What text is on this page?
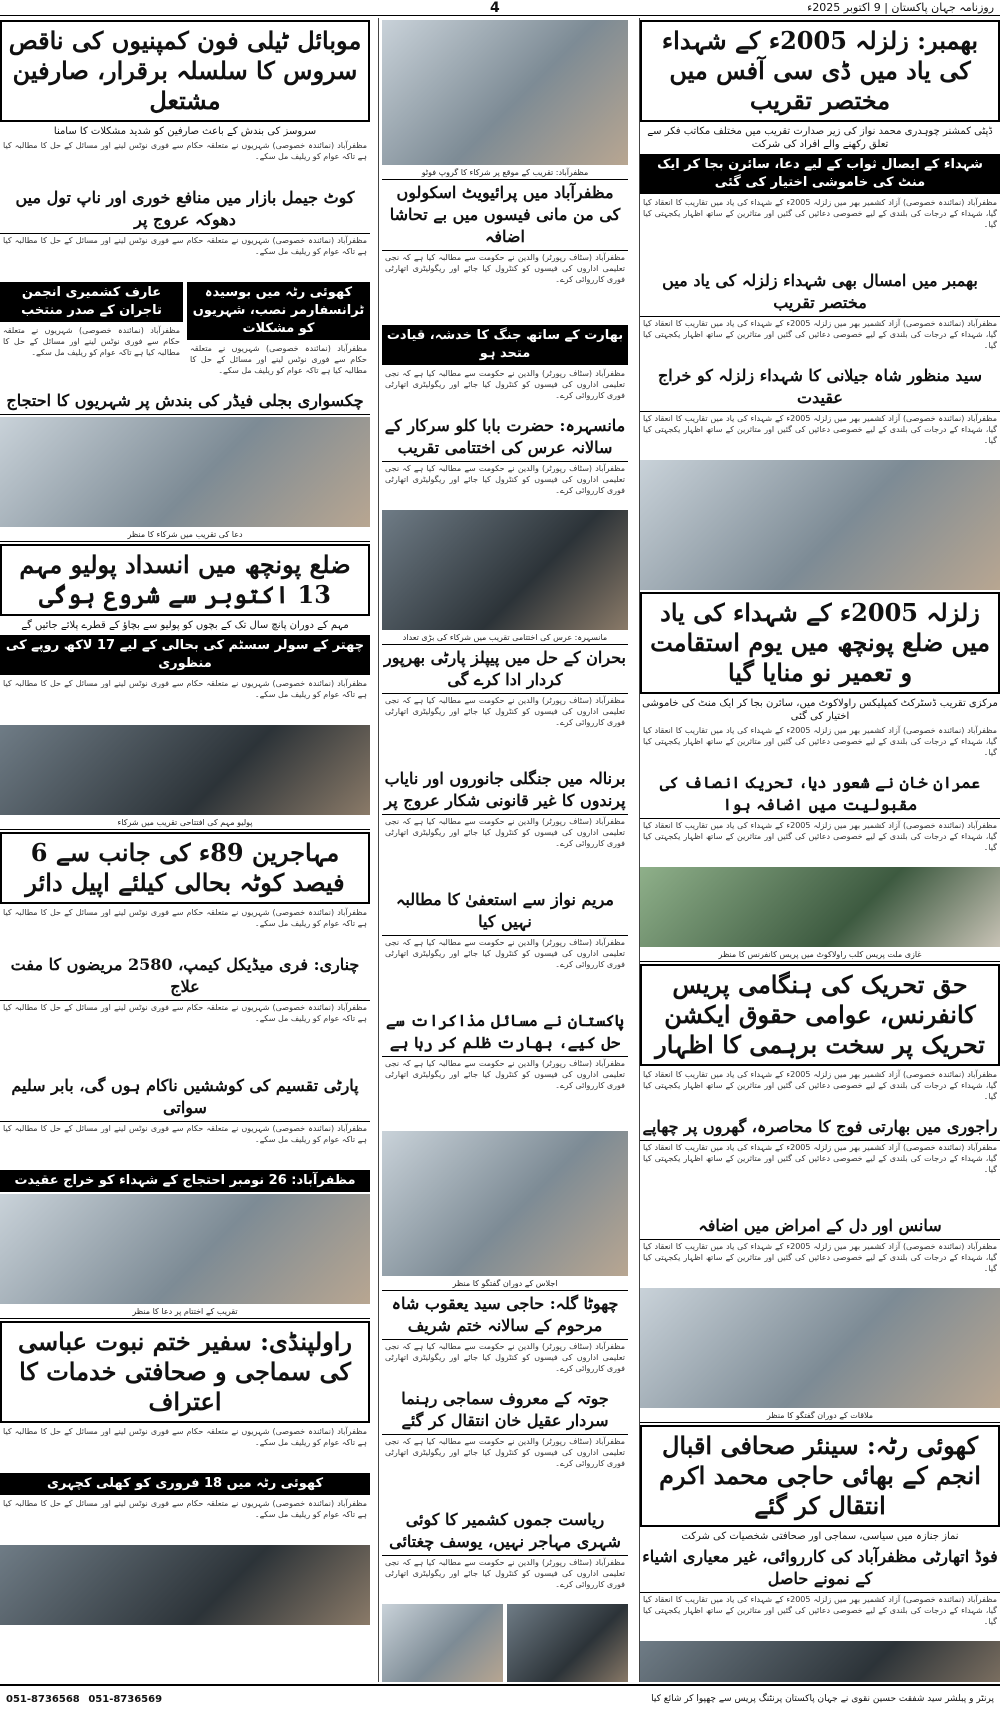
روزنامہ جہان پاکستان | 9 اکتوبر 2025ء
4
بھمبر: زلزلہ 2005ء کے شہداء کی یاد میں ڈی سی آفس میں مختصر تقریب
ڈپٹی کمشنر چوہدری محمد نواز کی زیر صدارت تقریب میں مختلف مکاتب فکر سے تعلق رکھنے والے افراد کی شرکت
شہداء کے ایصال ثواب کے لیے دعا، سائرن بجا کر ایک منٹ کی خاموشی اختیار کی گئی
مظفرآباد (نمائندہ خصوصی) آزاد کشمیر بھر میں زلزلہ 2005ء کے شہداء کی یاد میں تقاریب کا انعقاد کیا گیا، شہداء کے درجات کی بلندی کے لیے خصوصی دعائیں کی گئیں اور متاثرین کے ساتھ اظہار یکجہتی کیا گیا۔
بھمبر میں امسال بھی شہداء زلزلہ کی یاد میں مختصر تقریب
مظفرآباد (نمائندہ خصوصی) آزاد کشمیر بھر میں زلزلہ 2005ء کے شہداء کی یاد میں تقاریب کا انعقاد کیا گیا، شہداء کے درجات کی بلندی کے لیے خصوصی دعائیں کی گئیں اور متاثرین کے ساتھ اظہار یکجہتی کیا گیا۔
سید منظور شاہ جیلانی کا شہداء زلزلہ کو خراج عقیدت
مظفرآباد (نمائندہ خصوصی) آزاد کشمیر بھر میں زلزلہ 2005ء کے شہداء کی یاد میں تقاریب کا انعقاد کیا گیا، شہداء کے درجات کی بلندی کے لیے خصوصی دعائیں کی گئیں اور متاثرین کے ساتھ اظہار یکجہتی کیا گیا۔
زلزلہ 2005ء کے شہداء کی یاد میں ضلع پونچھ میں یوم استقامت و تعمیر نو منایا گیا
مرکزی تقریب ڈسٹرکٹ کمپلیکس راولاکوٹ میں، سائرن بجا کر ایک منٹ کی خاموشی اختیار کی گئی
مظفرآباد (نمائندہ خصوصی) آزاد کشمیر بھر میں زلزلہ 2005ء کے شہداء کی یاد میں تقاریب کا انعقاد کیا گیا، شہداء کے درجات کی بلندی کے لیے خصوصی دعائیں کی گئیں اور متاثرین کے ساتھ اظہار یکجہتی کیا گیا۔
عمران خان نے شعور دیا، تحریک انصاف کی مقبولیت میں اضافہ ہوا
مظفرآباد (نمائندہ خصوصی) آزاد کشمیر بھر میں زلزلہ 2005ء کے شہداء کی یاد میں تقاریب کا انعقاد کیا گیا، شہداء کے درجات کی بلندی کے لیے خصوصی دعائیں کی گئیں اور متاثرین کے ساتھ اظہار یکجہتی کیا گیا۔
غازی ملت پریس کلب راولاکوٹ میں پریس کانفرنس کا منظر
حق تحریک کی ہنگامی پریس کانفرنس، عوامی حقوق ایکشن تحریک پر سخت برہمی کا اظہار
مظفرآباد (نمائندہ خصوصی) آزاد کشمیر بھر میں زلزلہ 2005ء کے شہداء کی یاد میں تقاریب کا انعقاد کیا گیا، شہداء کے درجات کی بلندی کے لیے خصوصی دعائیں کی گئیں اور متاثرین کے ساتھ اظہار یکجہتی کیا گیا۔
راجوری میں بھارتی فوج کا محاصرہ، گھروں پر چھاپے
مظفرآباد (نمائندہ خصوصی) آزاد کشمیر بھر میں زلزلہ 2005ء کے شہداء کی یاد میں تقاریب کا انعقاد کیا گیا، شہداء کے درجات کی بلندی کے لیے خصوصی دعائیں کی گئیں اور متاثرین کے ساتھ اظہار یکجہتی کیا گیا۔
سانس اور دل کے امراض میں اضافہ
مظفرآباد (نمائندہ خصوصی) آزاد کشمیر بھر میں زلزلہ 2005ء کے شہداء کی یاد میں تقاریب کا انعقاد کیا گیا، شہداء کے درجات کی بلندی کے لیے خصوصی دعائیں کی گئیں اور متاثرین کے ساتھ اظہار یکجہتی کیا گیا۔
ملاقات کے دوران گفتگو کا منظر
کھوئی رٹہ: سینئر صحافی اقبال انجم کے بھائی حاجی محمد اکرم انتقال کر گئے
نماز جنازہ میں سیاسی، سماجی اور صحافتی شخصیات کی شرکت
فوڈ اتھارٹی مظفرآباد کی کارروائی، غیر معیاری اشیاء کے نمونے حاصل
مظفرآباد (نمائندہ خصوصی) آزاد کشمیر بھر میں زلزلہ 2005ء کے شہداء کی یاد میں تقاریب کا انعقاد کیا گیا، شہداء کے درجات کی بلندی کے لیے خصوصی دعائیں کی گئیں اور متاثرین کے ساتھ اظہار یکجہتی کیا گیا۔
مظفرآباد: تقریب کے موقع پر شرکاء کا گروپ فوٹو
مظفرآباد میں پرائیویٹ اسکولوں کی من مانی فیسوں میں بے تحاشا اضافہ
مظفرآباد (سٹاف رپورٹر) والدین نے حکومت سے مطالبہ کیا ہے کہ نجی تعلیمی اداروں کی فیسوں کو کنٹرول کیا جائے اور ریگولیٹری اتھارٹی فوری کارروائی کرے۔
بھارت کے ساتھ جنگ کا خدشہ، قیادت متحد ہو
مظفرآباد (سٹاف رپورٹر) والدین نے حکومت سے مطالبہ کیا ہے کہ نجی تعلیمی اداروں کی فیسوں کو کنٹرول کیا جائے اور ریگولیٹری اتھارٹی فوری کارروائی کرے۔
مانسہرہ: حضرت بابا کلو سرکار کے سالانہ عرس کی اختتامی تقریب
مظفرآباد (سٹاف رپورٹر) والدین نے حکومت سے مطالبہ کیا ہے کہ نجی تعلیمی اداروں کی فیسوں کو کنٹرول کیا جائے اور ریگولیٹری اتھارٹی فوری کارروائی کرے۔
مانسہرہ: عرس کی اختتامی تقریب میں شرکاء کی بڑی تعداد
بحران کے حل میں پیپلز پارٹی بھرپور کردار ادا کرے گی
مظفرآباد (سٹاف رپورٹر) والدین نے حکومت سے مطالبہ کیا ہے کہ نجی تعلیمی اداروں کی فیسوں کو کنٹرول کیا جائے اور ریگولیٹری اتھارٹی فوری کارروائی کرے۔
برنالہ میں جنگلی جانوروں اور نایاب پرندوں کا غیر قانونی شکار عروج پر
مظفرآباد (سٹاف رپورٹر) والدین نے حکومت سے مطالبہ کیا ہے کہ نجی تعلیمی اداروں کی فیسوں کو کنٹرول کیا جائے اور ریگولیٹری اتھارٹی فوری کارروائی کرے۔
مریم نواز سے استعفیٰ کا مطالبہ نہیں کیا
مظفرآباد (سٹاف رپورٹر) والدین نے حکومت سے مطالبہ کیا ہے کہ نجی تعلیمی اداروں کی فیسوں کو کنٹرول کیا جائے اور ریگولیٹری اتھارٹی فوری کارروائی کرے۔
پاکستان نے مسائل مذاکرات سے حل کیے، بھارت ظلم کر رہا ہے
مظفرآباد (سٹاف رپورٹر) والدین نے حکومت سے مطالبہ کیا ہے کہ نجی تعلیمی اداروں کی فیسوں کو کنٹرول کیا جائے اور ریگولیٹری اتھارٹی فوری کارروائی کرے۔
اجلاس کے دوران گفتگو کا منظر
چھوٹا گلہ: حاجی سید یعقوب شاہ مرحوم کے سالانہ ختم شریف
مظفرآباد (سٹاف رپورٹر) والدین نے حکومت سے مطالبہ کیا ہے کہ نجی تعلیمی اداروں کی فیسوں کو کنٹرول کیا جائے اور ریگولیٹری اتھارٹی فوری کارروائی کرے۔
جوتہ کے معروف سماجی رہنما سردار عقیل خان انتقال کر گئے
مظفرآباد (سٹاف رپورٹر) والدین نے حکومت سے مطالبہ کیا ہے کہ نجی تعلیمی اداروں کی فیسوں کو کنٹرول کیا جائے اور ریگولیٹری اتھارٹی فوری کارروائی کرے۔
ریاست جموں کشمیر کا کوئی شہری مہاجر نہیں، یوسف چغتائی
مظفرآباد (سٹاف رپورٹر) والدین نے حکومت سے مطالبہ کیا ہے کہ نجی تعلیمی اداروں کی فیسوں کو کنٹرول کیا جائے اور ریگولیٹری اتھارٹی فوری کارروائی کرے۔
موبائل ٹیلی فون کمپنیوں کی ناقص سروس کا سلسلہ برقرار، صارفین مشتعل
سروسز کی بندش کے باعث صارفین کو شدید مشکلات کا سامنا
مظفرآباد (نمائندہ خصوصی) شہریوں نے متعلقہ حکام سے فوری نوٹس لینے اور مسائل کے حل کا مطالبہ کیا ہے تاکہ عوام کو ریلیف مل سکے۔
کوٹ جیمل بازار میں منافع خوری اور ناپ تول میں دھوکہ عروج پر
مظفرآباد (نمائندہ خصوصی) شہریوں نے متعلقہ حکام سے فوری نوٹس لینے اور مسائل کے حل کا مطالبہ کیا ہے تاکہ عوام کو ریلیف مل سکے۔
کھوئی رٹہ میں بوسیدہ ٹرانسفارمر نصب، شہریوں کو مشکلات
مظفرآباد (نمائندہ خصوصی) شہریوں نے متعلقہ حکام سے فوری نوٹس لینے اور مسائل کے حل کا مطالبہ کیا ہے تاکہ عوام کو ریلیف مل سکے۔
عارف کشمیری انجمن تاجران کے صدر منتخب
مظفرآباد (نمائندہ خصوصی) شہریوں نے متعلقہ حکام سے فوری نوٹس لینے اور مسائل کے حل کا مطالبہ کیا ہے تاکہ عوام کو ریلیف مل سکے۔
چکسواری بجلی فیڈر کی بندش پر شہریوں کا احتجاج
دعا کی تقریب میں شرکاء کا منظر
ضلع پونچھ میں انسداد پولیو مہم 13 اکتوبر سے شروع ہوگی
مہم کے دوران پانچ سال تک کے بچوں کو پولیو سے بچاؤ کے قطرے پلائے جائیں گے
چھتر کے سولر سسٹم کی بحالی کے لیے 17 لاکھ روپے کی منظوری
مظفرآباد (نمائندہ خصوصی) شہریوں نے متعلقہ حکام سے فوری نوٹس لینے اور مسائل کے حل کا مطالبہ کیا ہے تاکہ عوام کو ریلیف مل سکے۔
پولیو مہم کی افتتاحی تقریب میں شرکاء
مہاجرین 89ء کی جانب سے 6 فیصد کوٹہ بحالی کیلئے اپیل دائر
مظفرآباد (نمائندہ خصوصی) شہریوں نے متعلقہ حکام سے فوری نوٹس لینے اور مسائل کے حل کا مطالبہ کیا ہے تاکہ عوام کو ریلیف مل سکے۔
چناری: فری میڈیکل کیمپ، 2580 مریضوں کا مفت علاج
مظفرآباد (نمائندہ خصوصی) شہریوں نے متعلقہ حکام سے فوری نوٹس لینے اور مسائل کے حل کا مطالبہ کیا ہے تاکہ عوام کو ریلیف مل سکے۔
پارٹی تقسیم کی کوششیں ناکام ہوں گی، بابر سلیم سواتی
مظفرآباد (نمائندہ خصوصی) شہریوں نے متعلقہ حکام سے فوری نوٹس لینے اور مسائل کے حل کا مطالبہ کیا ہے تاکہ عوام کو ریلیف مل سکے۔
مظفرآباد: 26 نومبر احتجاج کے شہداء کو خراج عقیدت
تقریب کے اختتام پر دعا کا منظر
راولپنڈی: سفیر ختم نبوت عباسی کی سماجی و صحافتی خدمات کا اعتراف
مظفرآباد (نمائندہ خصوصی) شہریوں نے متعلقہ حکام سے فوری نوٹس لینے اور مسائل کے حل کا مطالبہ کیا ہے تاکہ عوام کو ریلیف مل سکے۔
کھوئی رٹہ میں 18 فروری کو کھلی کچہری
مظفرآباد (نمائندہ خصوصی) شہریوں نے متعلقہ حکام سے فوری نوٹس لینے اور مسائل کے حل کا مطالبہ کیا ہے تاکہ عوام کو ریلیف مل سکے۔
پرنٹر و پبلشر سید شفقت حسین نقوی نے جہان پاکستان پرنٹنگ پریس سے چھپوا کر شائع کیا
051-8736569   051-8736568
